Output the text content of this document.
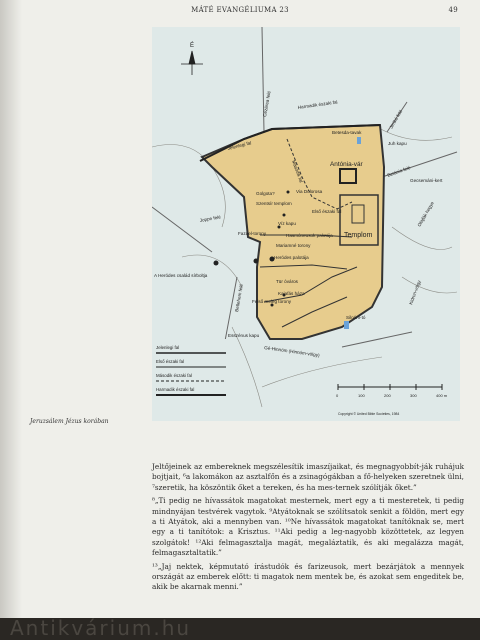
MÁTÉ EVANGÉLIUMA 23	49
É
Cézárea felé	Harmadik északi fal
Jerikó felé
Betesda-tavak
Juh kapu
Antónia-vár
Betánia felé
Gecsemáni-kert
Olajfák hegye
Jelenlegi fal
Második fal
Golgota?	Via Dolorosa
Szentsír templom
Joppe felé
Víz kapu
Első északi fal
Templom
Fazael-torony	Hasmóneusok palotája
Mariamné torony
Heródes palotája
A Heródes család sírboltja
Tür óváros
Kajafás háza
Felső meleg torony
Siloám-tó
Betlehem felé
Esszénus kapu
Kidron-völgy
Gé-Hinnóm (Hinnóm-völgy)
Jelenlegi fal
Első északi fal
Második északi fal
Harmadik északi fal
0	100	200	300	400 m
Copyright © United Bible Societies, 1984
Jeruzsálem Jézus korában

Jeltőjeinek az embereknek megszélesítik imaszíjaikat, és megnagyobbít-ják ruhájuk bojtjait, ⁶a lakomákon az asztalfőn és a zsinagógákban a fő-helyeken szeretnek ülni, ⁷szeretik, ha köszöntik őket a tereken, és ha mes-ternek szólítják őket.”

⁸„Ti pedig ne hívassátok magatokat mesternek, mert egy a ti mesteretek, ti pedig mindnyájan testvérek vagytok. ⁹Atyátoknak se szólítsatok senkit a földön, mert egy a ti Atyátok, aki a mennyben van. ¹⁰Ne hívassátok magatokat tanítóknak se, mert egy a ti tanítótok: a Krisztus. ¹¹Aki pedig a leg-nagyobb közöttetek, az legyen szolgátok! ¹²Aki felmagasztalja magát, megaláztatik, és aki megalázza magát, felmagasztaltatik.”

¹³„Jaj nektek, képmutató írástudók és farizeusok, mert bezárjátok a mennyek országát az emberek előtt: ti magatok nem mentek be, és azokat sem engeditek be, akik be akarnak menni.”

Antikvárium.hu
